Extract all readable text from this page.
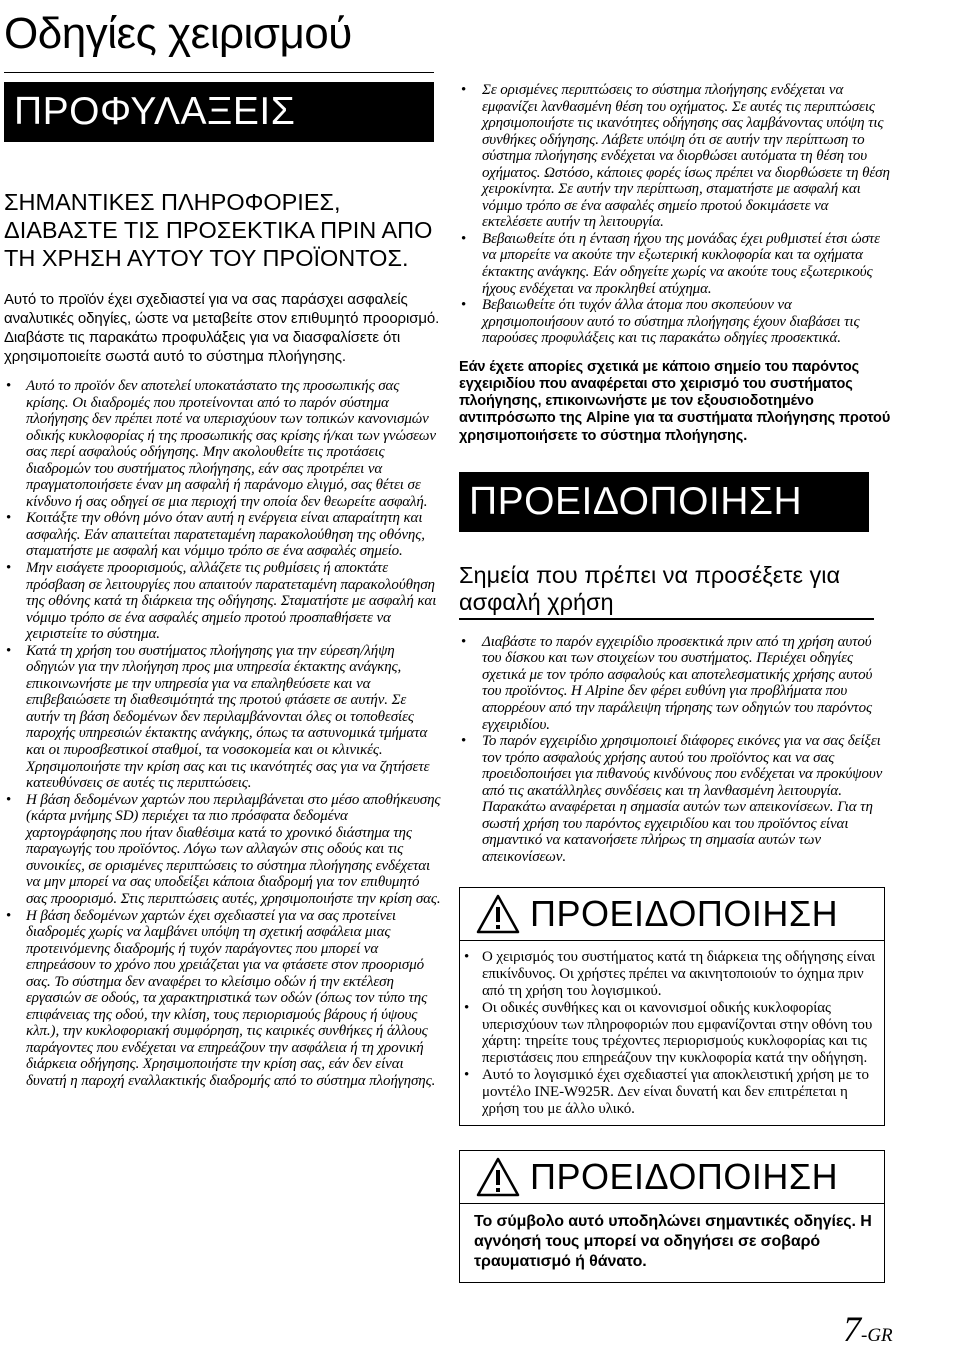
Οδηγίες χειρισμού
ΠΡΟΦΥΛΑΞΕΙΣ
ΣΗΜΑΝΤΙΚΕΣ ΠΛΗΡΟΦΟΡΙΕΣ, ΔΙΑΒΑΣΤΕ ΤΙΣ ΠΡΟΣΕΚΤΙΚΑ ΠΡΙΝ ΑΠΟ ΤΗ ΧΡΗΣΗ ΑΥΤΟΥ ΤΟΥ ΠΡΟΪΟΝΤΟΣ.

Αυτό το προϊόν έχει σχεδιαστεί για να σας παράσχει ασφαλείς αναλυτικές οδηγίες, ώστε να μεταβείτε στον επιθυμητό προορισμό. Διαβάστε τις παρακάτω προφυλάξεις για να διασφαλίσετε ότι χρησιμοποιείτε σωστά αυτό το σύστημα πλοήγησης.

• Αυτό το προϊόν δεν αποτελεί υποκατάστατο της προσωπικής σας κρίσης. Οι διαδρομές που προτείνονται από το παρόν σύστημα πλοήγησης δεν πρέπει ποτέ να υπερισχύουν των τοπικών κανονισμών οδικής κυκλοφορίας ή της προσωπικής σας κρίσης ή/και των γνώσεων σας περί ασφαλούς οδήγησης. Μην ακολουθείτε τις προτάσεις διαδρομών του συστήματος πλοήγησης, εάν σας προτρέπει να πραγματοποιήσετε έναν μη ασφαλή ή παράνομο ελιγμό, σας θέτει σε κίνδυνο ή σας οδηγεί σε μια περιοχή την οποία δεν θεωρείτε ασφαλή.
• Κοιτάξτε την οθόνη μόνο όταν αυτή η ενέργεια είναι απαραίτητη και ασφαλής. Εάν απαιτείται παρατεταμένη παρακολούθηση της οθόνης, σταματήστε με ασφαλή και νόμιμο τρόπο σε ένα ασφαλές σημείο.
• Μην εισάγετε προορισμούς, αλλάζετε τις ρυθμίσεις ή αποκτάτε πρόσβαση σε λειτουργίες που απαιτούν παρατεταμένη παρακολούθηση της οθόνης κατά τη διάρκεια της οδήγησης. Σταματήστε με ασφαλή και νόμιμο τρόπο σε ένα ασφαλές σημείο προτού προσπαθήσετε να χειριστείτε το σύστημα.
• Κατά τη χρήση του συστήματος πλοήγησης για την εύρεση/λήψη οδηγιών για την πλοήγηση προς μια υπηρεσία έκτακτης ανάγκης, επικοινωνήστε με την υπηρεσία για να επαληθεύσετε και να επιβεβαιώσετε τη διαθεσιμότητά της προτού φτάσετε σε αυτήν. Σε αυτήν τη βάση δεδομένων δεν περιλαμβάνονται όλες οι τοποθεσίες παροχής υπηρεσιών έκτακτης ανάγκης, όπως τα αστυνομικά τμήματα και οι πυροσβεστικοί σταθμοί, τα νοσοκομεία και οι κλινικές. Χρησιμοποιήστε την κρίση σας και τις ικανότητές σας για να ζητήσετε κατευθύνσεις σε αυτές τις περιπτώσεις.
• Η βάση δεδομένων χαρτών που περιλαμβάνεται στο μέσο αποθήκευσης (κάρτα μνήμης SD) περιέχει τα πιο πρόσφατα δεδομένα χαρτογράφησης που ήταν διαθέσιμα κατά το χρονικό διάστημα της παραγωγής του προϊόντος. Λόγω των αλλαγών στις οδούς και τις συνοικίες, σε ορισμένες περιπτώσεις το σύστημα πλοήγησης ενδέχεται να μην μπορεί να σας υποδείξει κάποια διαδρομή για τον επιθυμητό σας προορισμό. Στις περιπτώσεις αυτές, χρησιμοποιήστε την κρίση σας.
• Η βάση δεδομένων χαρτών έχει σχεδιαστεί για να σας προτείνει διαδρομές χωρίς να λαμβάνει υπόψη τη σχετική ασφάλεια μιας προτεινόμενης διαδρομής ή τυχόν παράγοντες που μπορεί να επηρεάσουν το χρόνο που χρειάζεται για να φτάσετε στον προορισμό σας. Το σύστημα δεν αναφέρει το κλείσιμο οδών ή την εκτέλεση εργασιών σε οδούς, τα χαρακτηριστικά των οδών (όπως τον τύπο της επιφάνειας της οδού, την κλίση, τους περιορισμούς βάρους ή ύψους κλπ.), την κυκλοφοριακή συμφόρηση, τις καιρικές συνθήκες ή άλλους παράγοντες που ενδέχεται να επηρεάζουν την ασφάλεια ή τη χρονική διάρκεια οδήγησης. Χρησιμοποιήστε την κρίση σας, εάν δεν είναι δυνατή η παροχή εναλλακτικής διαδρομής από το σύστημα πλοήγησης.
• Σε ορισμένες περιπτώσεις το σύστημα πλοήγησης ενδέχεται να εμφανίζει λανθασμένη θέση του οχήματος. Σε αυτές τις περιπτώσεις χρησιμοποιήστε τις ικανότητες οδήγησης σας λαμβάνοντας υπόψη τις συνθήκες οδήγησης. Λάβετε υπόψη ότι σε αυτήν την περίπτωση το σύστημα πλοήγησης ενδέχεται να διορθώσει αυτόματα τη θέση του οχήματος. Ωστόσο, κάποιες φορές ίσως πρέπει να διορθώσετε τη θέση χειροκίνητα. Σε αυτήν την περίπτωση, σταματήστε με ασφαλή και νόμιμο τρόπο σε ένα ασφαλές σημείο προτού δοκιμάσετε να εκτελέσετε αυτήν τη λειτουργία.
• Βεβαιωθείτε ότι η ένταση ήχου της μονάδας έχει ρυθμιστεί έτσι ώστε να μπορείτε να ακούτε την εξωτερική κυκλοφορία και τα οχήματα έκτακτης ανάγκης. Εάν οδηγείτε χωρίς να ακούτε τους εξωτερικούς ήχους ενδέχεται να προκληθεί ατύχημα.
• Βεβαιωθείτε ότι τυχόν άλλα άτομα που σκοπεύουν να χρησιμοποιήσουν αυτό το σύστημα πλοήγησης έχουν διαβάσει τις παρούσες προφυλάξεις και τις παρακάτω οδηγίες προσεκτικά.

Εάν έχετε απορίες σχετικά με κάποιο σημείο του παρόντος εγχειριδίου που αναφέρεται στο χειρισμό του συστήματος πλοήγησης, επικοινωνήστε με τον εξουσιοδοτημένο αντιπρόσωπο της Alpine για τα συστήματα πλοήγησης προτού χρησιμοποιήσετε το σύστημα πλοήγησης.

ΠΡΟΕΙΔΟΠΟΙΗΣΗ
Σημεία που πρέπει να προσέξετε για ασφαλή χρήση
• Διαβάστε το παρόν εγχειρίδιο προσεκτικά πριν από τη χρήση αυτού του δίσκου και των στοιχείων του συστήματος. Περιέχει οδηγίες σχετικά με τον τρόπο ασφαλούς και αποτελεσματικής χρήσης αυτού του προϊόντος. Η Alpine δεν φέρει ευθύνη για προβλήματα που απορρέουν από την παράλειψη τήρησης των οδηγιών του παρόντος εγχειριδίου.
• Το παρόν εγχειρίδιο χρησιμοποιεί διάφορες εικόνες για να σας δείξει τον τρόπο ασφαλούς χρήσης αυτού του προϊόντος και να σας προειδοποιήσει για πιθανούς κινδύνους που ενδέχεται να προκύψουν από τις ακατάλληλες συνδέσεις και τη λανθασμένη λειτουργία. Παρακάτω αναφέρεται η σημασία αυτών των απεικονίσεων. Για τη σωστή χρήση του παρόντος εγχειριδίου και του προϊόντος είναι σημαντικό να κατανοήσετε πλήρως τη σημασία αυτών των απεικονίσεων.
ΠΡΟΕΙΔΟΠΟΙΗΣΗ
• Ο χειρισμός του συστήματος κατά τη διάρκεια της οδήγησης είναι επικίνδυνος. Οι χρήστες πρέπει να ακινητοποιούν το όχημα πριν από τη χρήση του λογισμικού.
• Οι οδικές συνθήκες και οι κανονισμοί οδικής κυκλοφορίας υπερισχύουν των πληροφοριών που εμφανίζονται στην οθόνη του χάρτη: τηρείτε τους τρέχοντες περιορισμούς κυκλοφορίας και τις περιστάσεις που επηρεάζουν την κυκλοφορία κατά την οδήγηση.
• Αυτό το λογισμικό έχει σχεδιαστεί για αποκλειστική χρήση με το μοντέλο INE-W925R. Δεν είναι δυνατή και δεν επιτρέπεται η χρήση του με άλλο υλικό.
ΠΡΟΕΙΔΟΠΟΙΗΣΗ
Το σύμβολο αυτό υποδηλώνει σημαντικές οδηγίες. Η αγνόησή τους μπορεί να οδηγήσει σε σοβαρό τραυματισμό ή θάνατο.
7-GR
